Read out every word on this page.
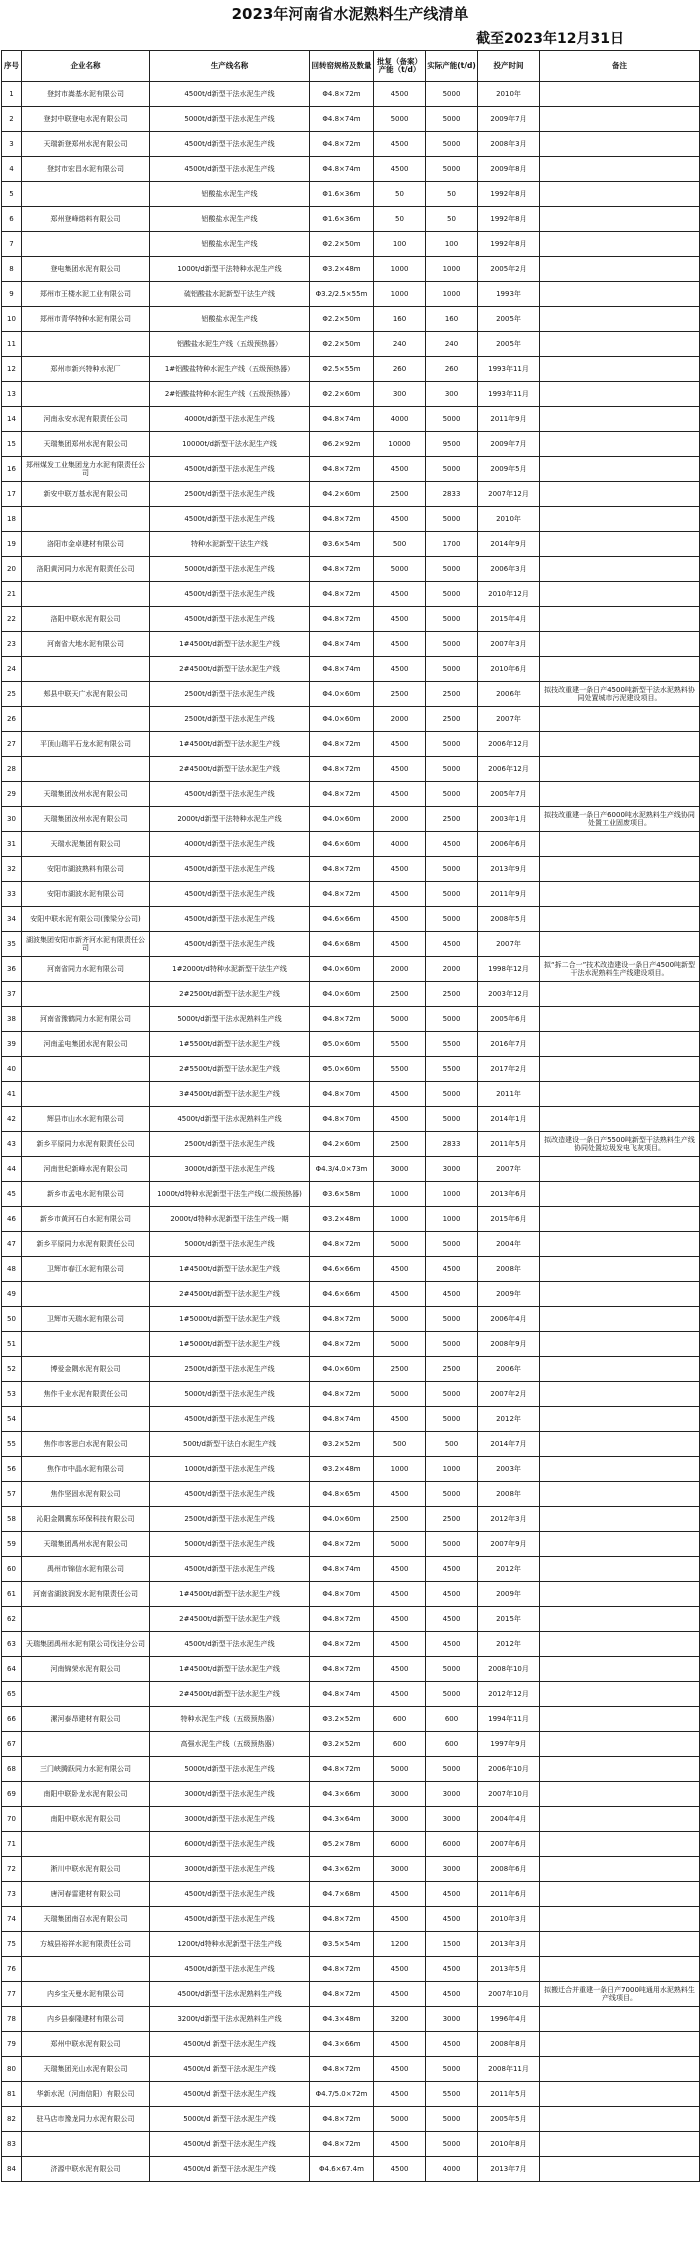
2023年河南省水泥熟料生产线清单
截至2023年12月31日
序号	企业名称	生产线名称	回转窑规格及数量	批复（备案）产能（t/d）	实际产能(t/d)	投产时间	备注
1	登封市嵩基水泥有限公司	4500t/d新型干法水泥生产线	Φ4.8×72m	4500	5000	2010年	
2	登封中联登电水泥有限公司	5000t/d新型干法水泥生产线	Φ4.8×74m	5000	5000	2009年7月	
3	天瑞新登郑州水泥有限公司	4500t/d新型干法水泥生产线	Φ4.8×72m	4500	5000	2008年3月	
4	登封市宏昌水泥有限公司	4500t/d新型干法水泥生产线	Φ4.8×74m	4500	5000	2009年8月	
5		铝酸盐水泥生产线	Φ1.6×36m	50	50	1992年8月	
6	郑州登峰熔料有限公司	铝酸盐水泥生产线	Φ1.6×36m	50	50	1992年8月	
7		铝酸盐水泥生产线	Φ2.2×50m	100	100	1992年8月	
8	登电集团水泥有限公司	1000t/d新型干法特种水泥生产线	Φ3.2×48m	1000	1000	2005年2月	
9	郑州市王楼水泥工业有限公司	硫铝酸盐水泥新型干法生产线	Φ3.2/2.5×55m	1000	1000	1993年	
10	郑州市青华特种水泥有限公司	铝酸盐水泥生产线	Φ2.2×50m	160	160	2005年	
11		铝酸盐水泥生产线（五级预热器）	Φ2.2×50m	240	240	2005年	
12	郑州市新兴特种水泥厂	1#铝酸盐特种水泥生产线（五级预热器）	Φ2.5×55m	260	260	1993年11月	
13		2#铝酸盐特种水泥生产线（五级预热器）	Φ2.2×60m	300	300	1993年11月	
14	河南永安水泥有限责任公司	4000t/d新型干法水泥生产线	Φ4.8×74m	4000	5000	2011年9月	
15	天瑞集团郑州水泥有限公司	10000t/d新型干法水泥生产线	Φ6.2×92m	10000	9500	2009年7月	
16	郑州煤发工业集团龙力水泥有限责任公司	4500t/d新型干法水泥生产线	Φ4.8×72m	4500	5000	2009年5月	
17	新安中联万基水泥有限公司	2500t/d新型干法水泥生产线	Φ4.2×60m	2500	2833	2007年12月	
18		4500t/d新型干法水泥生产线	Φ4.8×72m	4500	5000	2010年	
19	洛阳市金卓建材有限公司	特种水泥新型干法生产线	Φ3.6×54m	500	1700	2014年9月	
20	洛阳黄河同力水泥有限责任公司	5000t/d新型干法水泥生产线	Φ4.8×72m	5000	5000	2006年3月	
21		4500t/d新型干法水泥生产线	Φ4.8×72m	4500	5000	2010年12月	
22	洛阳中联水泥有限公司	4500t/d新型干法水泥生产线	Φ4.8×72m	4500	5000	2015年4月	
23	河南省大地水泥有限公司	1#4500t/d新型干法水泥生产线	Φ4.8×74m	4500	5000	2007年3月	
24		2#4500t/d新型干法水泥生产线	Φ4.8×74m	4500	5000	2010年6月	
25	郏县中联天广水泥有限公司	2500t/d新型干法水泥生产线	Φ4.0×60m	2500	2500	2006年	拟技改重建一条日产4500吨新型干法水泥熟料协同处置城市污泥建设项目。
26		2500t/d新型干法水泥生产线	Φ4.0×60m	2000	2500	2007年	
27	平顶山瑞平石龙水泥有限公司	1#4500t/d新型干法水泥生产线	Φ4.8×72m	4500	5000	2006年12月	
28		2#4500t/d新型干法水泥生产线	Φ4.8×72m	4500	5000	2006年12月	
29	天瑞集团汝州水泥有限公司	4500t/d新型干法水泥生产线	Φ4.8×72m	4500	5000	2005年7月	
30	天瑞集团汝州水泥有限公司	2000t/d新型干法特种水泥生产线	Φ4.0×60m	2000	2500	2003年1月	拟技改重建一条日产6000吨水泥熟料生产线协同处置工业固废项目。
31	天瑞水泥集团有限公司	4000t/d新型干法水泥生产线	Φ4.6×60m	4000	4500	2006年6月	
32	安阳市湖波熟料有限公司	4500t/d新型干法水泥生产线	Φ4.8×72m	4500	5000	2013年9月	
33	安阳市湖波水泥有限公司	4500t/d新型干法水泥生产线	Φ4.8×72m	4500	5000	2011年9月	
34	安阳中联水泥有限公司(豫梁分公司)	4500t/d新型干法水泥生产线	Φ4.6×66m	4500	5000	2008年5月	
35	湖波集团安阳市新齐河水泥有限责任公司	4500t/d新型干法水泥生产线	Φ4.6×68m	4500	4500	2007年	
36	河南省同力水泥有限公司	1#2000t/d特种水泥新型干法生产线	Φ4.0×60m	2000	2000	1998年12月	拟“拆二合一”技术改造建设一条日产4500吨新型干法水泥熟料生产线建设项目。
37		2#2500t/d新型干法水泥生产线	Φ4.0×60m	2500	2500	2003年12月	
38	河南省豫鹤同力水泥有限公司	5000t/d新型干法水泥熟料生产线	Φ4.8×72m	5000	5000	2005年6月	
39	河南孟电集团水泥有限公司	1#5500t/d新型干法水泥生产线	Φ5.0×60m	5500	5500	2016年7月	
40		2#5500t/d新型干法水泥生产线	Φ5.0×60m	5500	5500	2017年2月	
41		3#4500t/d新型干法水泥生产线	Φ4.8×70m	4500	5000	2011年	
42	辉县市山水水泥有限公司	4500t/d新型干法水泥熟料生产线	Φ4.8×70m	4500	5000	2014年1月	
43	新乡平原同力水泥有限责任公司	2500t/d新型干法水泥生产线	Φ4.2×60m	2500	2833	2011年5月	拟改造建设一条日产5500吨新型干法熟料生产线协同处置垃圾发电飞灰项目。
44	河南世纪新峰水泥有限公司	3000t/d新型干法水泥生产线	Φ4.3/4.0×73m	3000	3000	2007年	
45	新乡市孟电水泥有限公司	1000t/d特种水泥新型干法生产线(二级预热器)	Φ3.6×58m	1000	1000	2013年6月	
46	新乡市黄河石白水泥有限公司	2000t/d特种水泥新型干法生产线一期	Φ3.2×48m	1000	1000	2015年6月	
47	新乡平原同力水泥有限责任公司	5000t/d新型干法水泥生产线	Φ4.8×72m	5000	5000	2004年	
48	卫辉市春江水泥有限公司	1#4500t/d新型干法水泥生产线	Φ4.6×66m	4500	4500	2008年	
49		2#4500t/d新型干法水泥生产线	Φ4.6×66m	4500	4500	2009年	
50	卫辉市天瑞水泥有限公司	1#5000t/d新型干法水泥生产线	Φ4.8×72m	5000	5000	2006年4月	
51		1#5000t/d新型干法水泥生产线	Φ4.8×72m	5000	5000	2008年9月	
52	博爱金隅水泥有限公司	2500t/d新型干法水泥生产线	Φ4.0×60m	2500	2500	2006年	
53	焦作千业水泥有限责任公司	5000t/d新型干法水泥生产线	Φ4.8×72m	5000	5000	2007年2月	
54		4500t/d新型干法水泥生产线	Φ4.8×74m	4500	5000	2012年	
55	焦作市客思白水泥有限公司	500t/d新型干法白水泥生产线	Φ3.2×52m	500	500	2014年7月	
56	焦作市中晶水泥有限公司	1000t/d新型干法水泥生产线	Φ3.2×48m	1000	1000	2003年	
57	焦作坚固水泥有限公司	4500t/d新型干法水泥生产线	Φ4.8×65m	4500	5000	2008年	
58	沁阳金隅冀东环保科技有限公司	2500t/d新型干法水泥生产线	Φ4.0×60m	2500	2500	2012年3月	
59	天瑞集团禹州水泥有限公司	5000t/d新型干法水泥生产线	Φ4.8×72m	5000	5000	2007年9月	
60	禹州市锦信水泥有限公司	4500t/d新型干法水泥生产线	Φ4.8×74m	4500	4500	2012年	
61	河南省湖波润发水泥有限责任公司	1#4500t/d新型干法水泥生产线	Φ4.8×70m	4500	4500	2009年	
62		2#4500t/d新型干法水泥生产线	Φ4.8×72m	4500	4500	2015年	
63	天瑞集团禹州水泥有限公司伐洼分公司	4500t/d新型干法水泥生产线	Φ4.8×72m	4500	4500	2012年	
64	河南锦荣水泥有限公司	1#4500t/d新型干法水泥生产线	Φ4.8×72m	4500	5000	2008年10月	
65		2#4500t/d新型干法水泥生产线	Φ4.8×74m	4500	5000	2012年12月	
66	漯河泰昂建材有限公司	特种水泥生产线（五级预热器）	Φ3.2×52m	600	600	1994年11月	
67		高强水泥生产线（五级预热器）	Φ3.2×52m	600	600	1997年9月	
68	三门峡腾跃同力水泥有限公司	5000t/d新型干法水泥生产线	Φ4.8×72m	5000	5000	2006年10月	
69	南阳中联卧龙水泥有限公司	3000t/d新型干法水泥生产线	Φ4.3×66m	3000	3000	2007年10月	
70	南阳中联水泥有限公司	3000t/d新型干法水泥生产线	Φ4.3×64m	3000	3000	2004年4月	
71		6000t/d新型干法水泥生产线	Φ5.2×78m	6000	6000	2007年6月	
72	淅川中联水泥有限公司	3000t/d新型干法水泥生产线	Φ4.3×62m	3000	3000	2008年6月	
73	唐河春雷建材有限公司	4500t/d新型干法水泥生产线	Φ4.7×68m	4500	4500	2011年6月	
74	天瑞集团南召水泥有限公司	4500t/d新型干法水泥生产线	Φ4.8×72m	4500	4500	2010年3月	
75	方城县裕祥水泥有限责任公司	1200t/d特种水泥新型干法生产线	Φ3.5×54m	1200	1500	2013年3月	
76		4500t/d新型干法水泥生产线	Φ4.8×72m	4500	4500	2013年5月	
77	内乡宝天曼水泥有限公司	4500t/d新型干法水泥熟料生产线	Φ4.8×72m	4500	4500	2007年10月	拟搬迁合并重建一条日产7000吨通用水泥熟料生产线项目。
78	内乡县泰隆建材有限公司	3200t/d新型干法水泥熟料生产线	Φ4.3×48m	3200	3000	1996年4月	
79	郑州中联水泥有限公司	4500t/d 新型干法水泥生产线	Φ4.3×66m	4500	4500	2008年8月	
80	天瑞集团光山水泥有限公司	4500t/d 新型干法水泥生产线	Φ4.8×72m	4500	5000	2008年11月	
81	华新水泥（河南信阳）有限公司	4500t/d 新型干法水泥生产线	Φ4.7/5.0×72m	4500	5500	2011年5月	
82	驻马店市豫龙同力水泥有限公司	5000t/d 新型干法水泥生产线	Φ4.8×72m	5000	5000	2005年5月	
83		4500t/d 新型干法水泥生产线	Φ4.8×72m	4500	5000	2010年8月	
84	济源中联水泥有限公司	4500t/d 新型干法水泥生产线	Φ4.6×67.4m	4500	4000	2013年7月	
